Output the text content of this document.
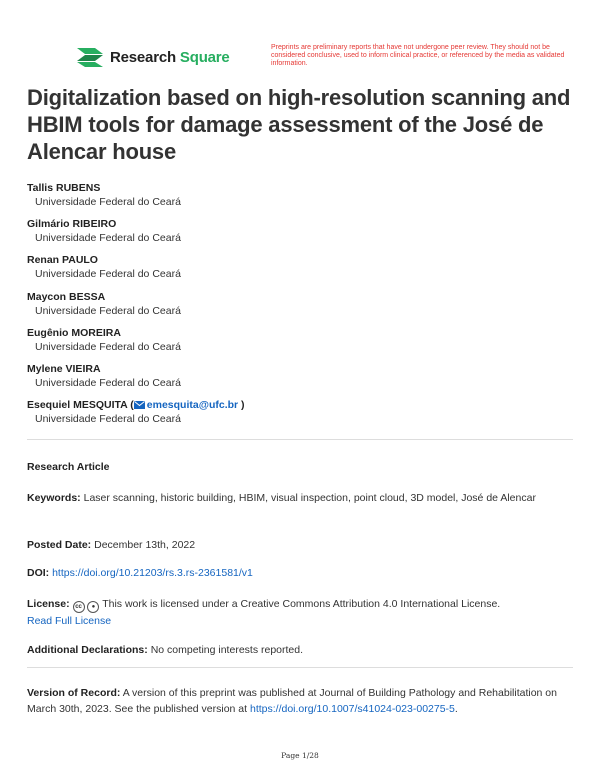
Research Square
Preprints are preliminary reports that have not undergone peer review. They should not be considered conclusive, used to inform clinical practice, or referenced by the media as validated information.
Digitalization based on high-resolution scanning and HBIM tools for damage assessment of the José de Alencar house
Tallis RUBENS
Universidade Federal do Ceará
Gilmário RIBEIRO
Universidade Federal do Ceará
Renan PAULO
Universidade Federal do Ceará
Maycon BESSA
Universidade Federal do Ceará
Eugênio MOREIRA
Universidade Federal do Ceará
Mylene VIEIRA
Universidade Federal do Ceará
Esequiel MESQUITA ( emesquita@ufc.br )
Universidade Federal do Ceará
Research Article
Keywords: Laser scanning, historic building, HBIM, visual inspection, point cloud, 3D model, José de Alencar
Posted Date: December 13th, 2022
DOI: https://doi.org/10.21203/rs.3.rs-2361581/v1
License: cc ● This work is licensed under a Creative Commons Attribution 4.0 International License.
Read Full License
Additional Declarations: No competing interests reported.
Version of Record: A version of this preprint was published at Journal of Building Pathology and Rehabilitation on March 30th, 2023. See the published version at https://doi.org/10.1007/s41024-023-00275-5.
Page 1/28
